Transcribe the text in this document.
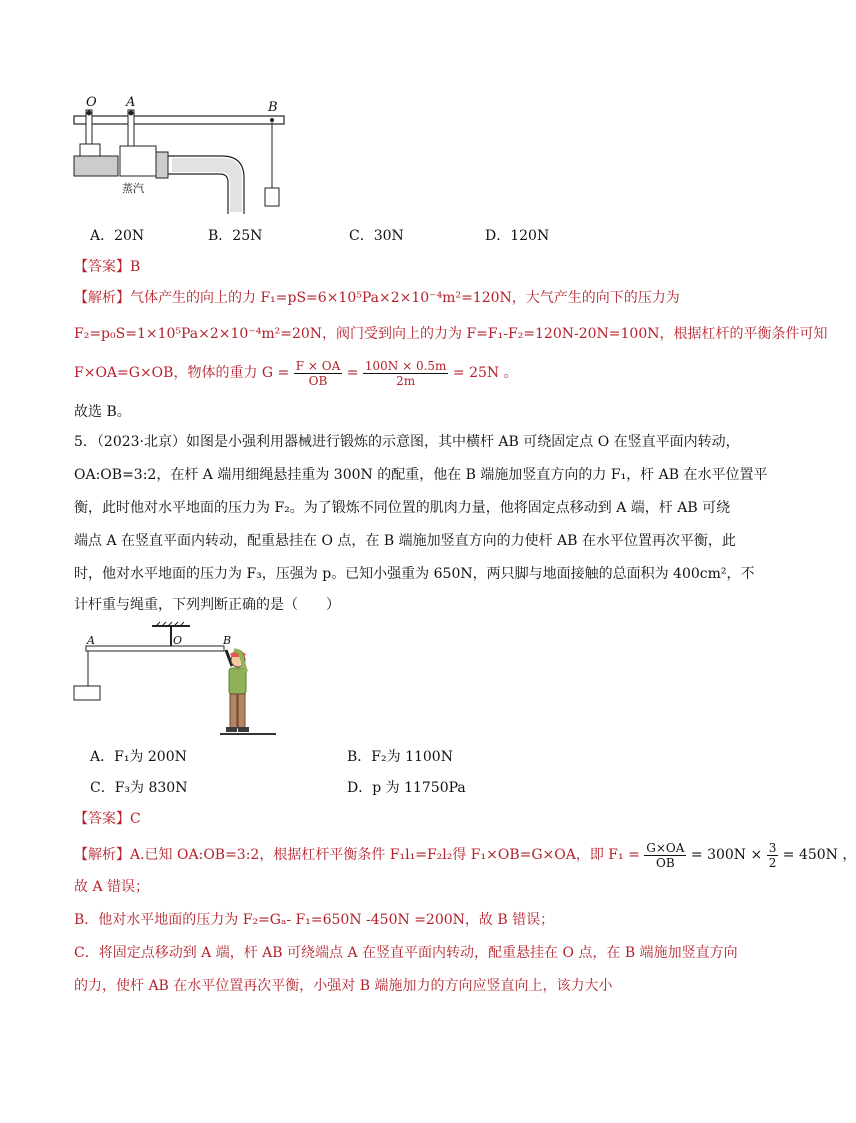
O A	B
蒸汽
A．20N	B．25N	C．30N	D．120N
【答案】B
【解析】气体产生的向上的力 F₁=pS=6×10⁵Pa×2×10⁻⁴m²=120N，大气产生的向下的压力为
F₂=p₀S=1×10⁵Pa×2×10⁻⁴m²=20N，阀门受到向上的力为 F=F₁-F₂=120N-20N=100N，根据杠杆的平衡条件可知
F×OA=G×OB，物体的重力 $G = \frac{F \times OA}{OB} = \frac{100N \times 0.5m}{2m} = 25N$ 。
故选 B。
5．（2023·北京）如图是小强利用器械进行锻炼的示意图，其中横杆 AB 可绕固定点 O 在竖直平面内转动，
OA:OB=3:2，在杆 A 端用细绳悬挂重为 300N 的配重，他在 B 端施加竖直方向的力 F₁，杆 AB 在水平位置平
衡，此时他对水平地面的压力为 F₂。为了锻炼不同位置的肌肉力量，他将固定点移动到 A 端，杆 AB 可绕
端点 A 在竖直平面内转动，配重悬挂在 O 点，在 B 端施加竖直方向的力使杆 AB 在水平位置再次平衡，此
时，他对水平地面的压力为 F₃，压强为 p。已知小强重为 650N，两只脚与地面接触的总面积为 400cm²，不
计杆重与绳重，下列判断正确的是（　　）
A	O	B
A．F₁为 200N	B．F₂为 1100N
C．F₃为 830N	D．p 为 11750Pa
【答案】C
【解析】A.已知 OA:OB=3:2，根据杠杆平衡条件 F₁l₁=F₂l₂得 F₁×OB=G×OA，即 $F_1 = \frac{G\times OA}{OB} = 300N \times \frac{3}{2} = 450N$ ，
故 A 错误；
B．他对水平地面的压力为 F₂=Gₐ- F₁=650N -450N =200N，故 B 错误；
C．将固定点移动到 A 端，杆 AB 可绕端点 A 在竖直平面内转动，配重悬挂在 O 点，在 B 端施加竖直方向
的力，使杆 AB 在水平位置再次平衡，小强对 B 端施加力的方向应竖直向上，该力大小
